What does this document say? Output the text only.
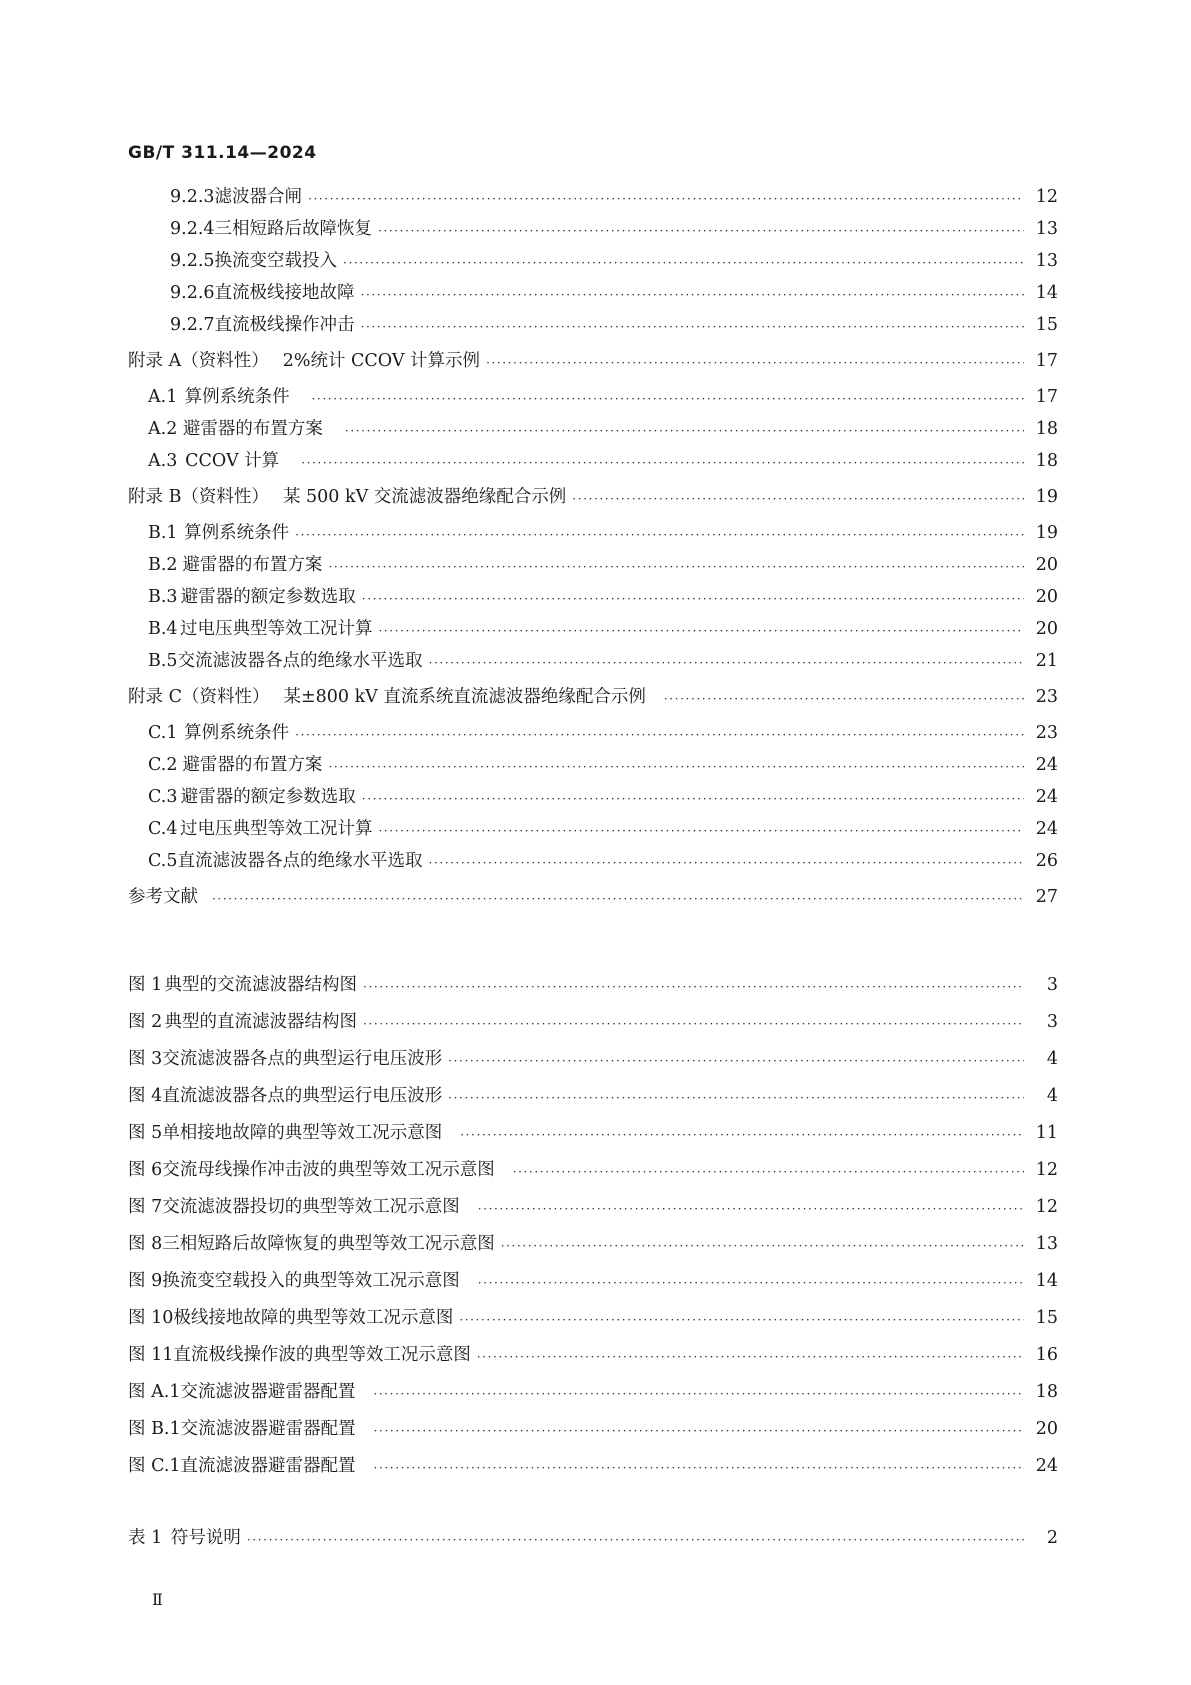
GB/T 311.14—2024
9.2.3 滤波器合闸 ·····	12
9.2.4 三相短路后故障恢复 ·····	13
9.2.5 换流变空载投入 ·····	13
9.2.6 直流极线接地故障 ·····	14
9.2.7 直流极线操作冲击 ·····	15
附录 A（资料性） 2%统计 CCOV 计算示例 ·····	17
A.1 算例系统条件 ·····	17
A.2 避雷器的布置方案 ·····	18
A.3 CCOV 计算 ·····	18
附录 B（资料性） 某 500 kV 交流滤波器绝缘配合示例 ·····	19
B.1 算例系统条件 ·····	19
B.2 避雷器的布置方案 ·····	20
B.3 避雷器的额定参数选取 ·····	20
B.4 过电压典型等效工况计算 ·····	20
B.5 交流滤波器各点的绝缘水平选取 ·····	21
附录 C（资料性） 某±800 kV 直流系统直流滤波器绝缘配合示例 ·····	23
C.1 算例系统条件 ·····	23
C.2 避雷器的布置方案 ·····	24
C.3 避雷器的额定参数选取 ·····	24
C.4 过电压典型等效工况计算 ·····	24
C.5 直流滤波器各点的绝缘水平选取 ·····	26
参考文献 ·····	27
图 1 典型的交流滤波器结构图 ·····	3
图 2 典型的直流滤波器结构图 ·····	3
图 3 交流滤波器各点的典型运行电压波形 ·····	4
图 4 直流滤波器各点的典型运行电压波形 ·····	4
图 5 单相接地故障的典型等效工况示意图 ·····	11
图 6 交流母线操作冲击波的典型等效工况示意图 ·····	12
图 7 交流滤波器投切的典型等效工况示意图 ·····	12
图 8 三相短路后故障恢复的典型等效工况示意图 ·····	13
图 9 换流变空载投入的典型等效工况示意图 ·····	14
图 10 极线接地故障的典型等效工况示意图 ·····	15
图 11 直流极线操作波的典型等效工况示意图 ·····	16
图 A.1 交流滤波器避雷器配置 ·····	18
图 B.1 交流滤波器避雷器配置 ·····	20
图 C.1 直流滤波器避雷器配置 ·····	24
表 1 符号说明 ·····	2
Ⅱ
